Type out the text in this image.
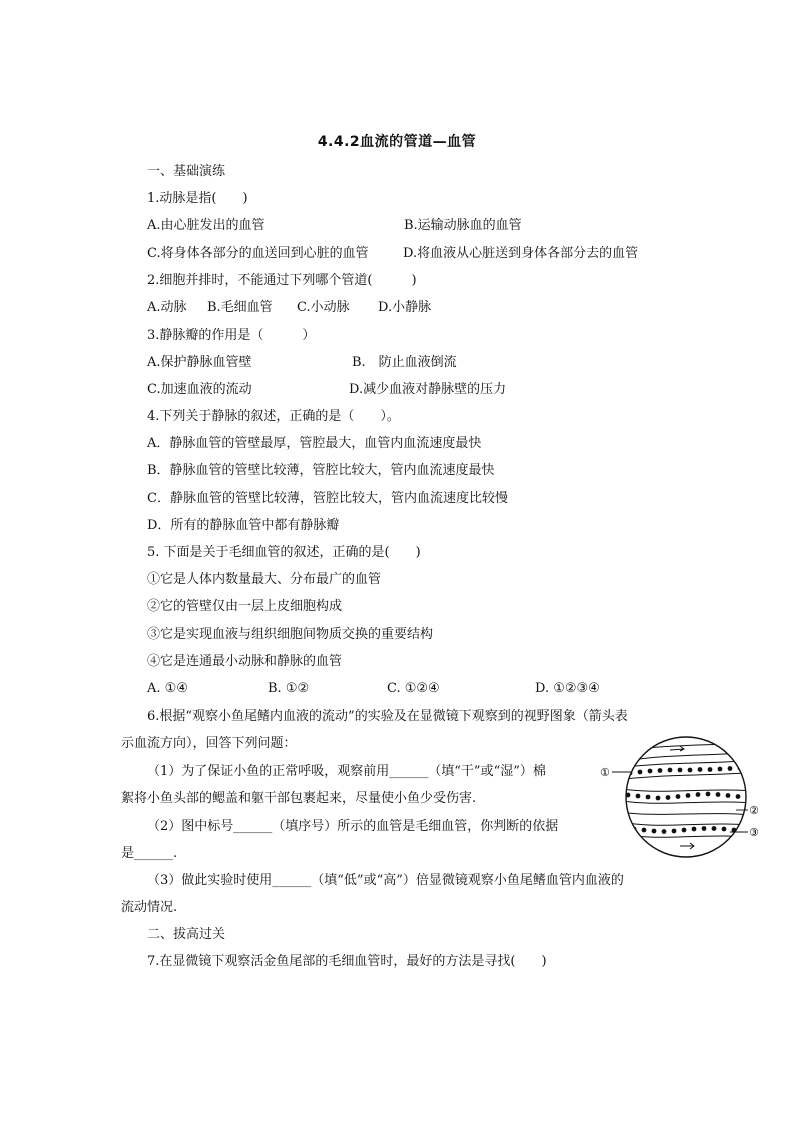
4.4.2血流的管道—血管
一、基础演练
1.动脉是指(　　)
A.由心脏发出的血管	B.运输动脉血的血管
C.将身体各部分的血送回到心脏的血管	D.将血液从心脏送到身体各部分去的血管
2.细胞并排时，不能通过下列哪个管道(　　　)
A.动脉 B.毛细血管 C.小动脉 D.小静脉
3.静脉瓣的作用是（　　　）
A.保护静脉血管壁	B.　防止血液倒流
C.加速血液的流动	D.减少血液对静脉壁的压力
4.下列关于静脉的叙述，正确的是（　　）。
A．静脉血管的管壁最厚，管腔最大，血管内血流速度最快
B．静脉血管的管壁比较薄，管腔比较大，管内血流速度最快
C．静脉血管的管壁比较薄，管腔比较大，管内血流速度比较慢
D．所有的静脉血管中都有静脉瓣
5. 下面是关于毛细血管的叙述，正确的是(　　)
①它是人体内数量最大、分布最广的血管
②它的管壁仅由一层上皮细胞构成
③它是实现血液与组织细胞间物质交换的重要结构
④它是连通最小动脉和静脉的血管
A. ①④	B. ①②	C. ①②④	D. ①②③④
6.根据“观察小鱼尾鳍内血液的流动”的实验及在显微镜下观察到的视野图象（箭头表
示血流方向），回答下列问题：
（1）为了保证小鱼的正常呼吸，观察前用______（填“干”或“湿”）棉
絮将小鱼头部的鳃盖和躯干部包裹起来，尽量使小鱼少受伤害.
（2）图中标号______（填序号）所示的血管是毛细血管，你判断的依据
是______.
（3）做此实验时使用______（填“低”或“高”）倍显微镜观察小鱼尾鳍血管内血液的
流动情况.
①
②
③
二、拔高过关
7.在显微镜下观察活金鱼尾部的毛细血管时，最好的方法是寻找(　　)
